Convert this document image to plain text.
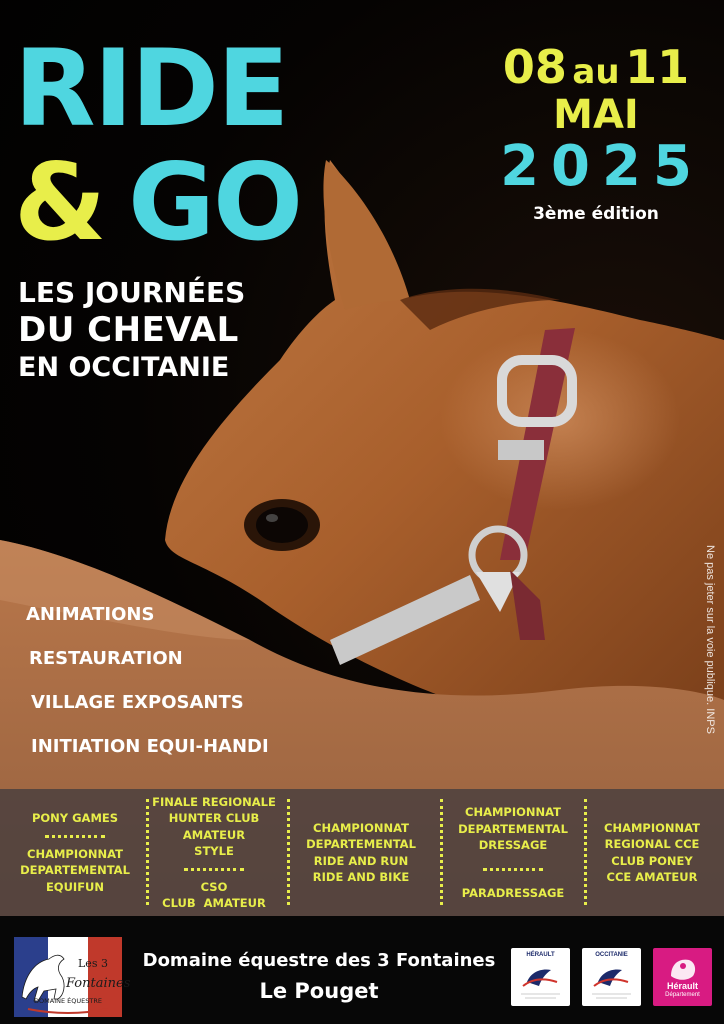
RIDE
& GO
LES JOURNÉES
DU CHEVAL
EN OCCITANIE
08 au 11
MAI
2025
3ème édition
ANIMATIONS
RESTAURATION
VILLAGE EXPOSANTS
INITIATION EQUI-HANDI
Ne pas jeter sur la voie publique. INPS
PONY GAMES
CHAMPIONNAT
DEPARTEMENTAL
EQUIFUN
FINALE REGIONALE
HUNTER CLUB
AMATEUR
STYLE
CSO
CLUB  AMATEUR
CHAMPIONNAT
DEPARTEMENTAL
RIDE AND RUN
RIDE AND BIKE
CHAMPIONNAT
DEPARTEMENTAL
DRESSAGE
PARADRESSAGE
CHAMPIONNAT
REGIONAL CCE
CLUB PONEY
CCE AMATEUR
Les 3
Fontaines
DOMAINE ÉQUESTRE
Domaine équestre des 3 Fontaines
Le Pouget
HÉRAULT	OCCITANIE
Hérault
Département
